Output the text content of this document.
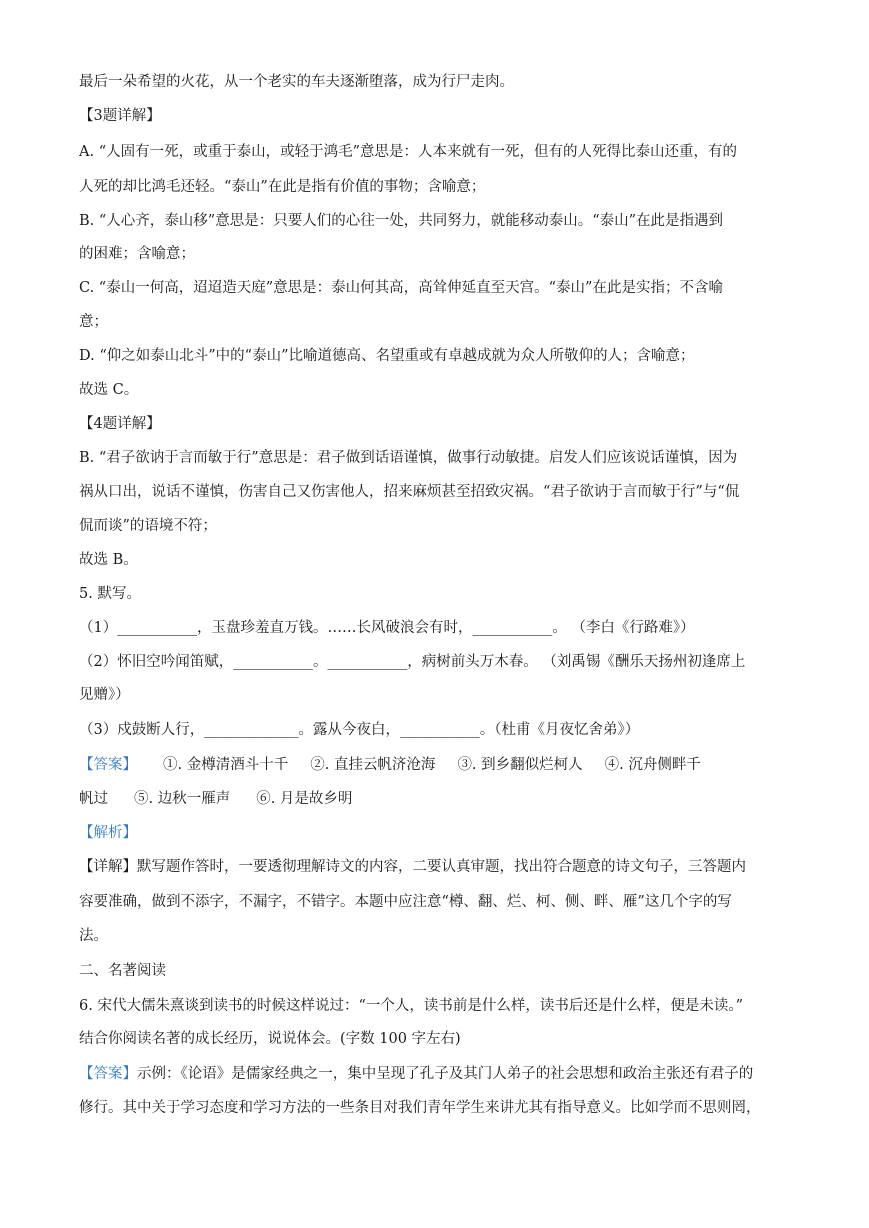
最后一朵希望的火花，从一个老实的车夫逐渐堕落，成为行尸走肉。
【3题详解】
A. “人固有一死，或重于泰山，或轻于鸿毛”意思是：人本来就有一死，但有的人死得比泰山还重，有的
人死的却比鸿毛还轻。“泰山”在此是指有价值的事物；含喻意；
B. “人心齐，泰山移”意思是：只要人们的心往一处，共同努力，就能移动泰山。“泰山”在此是指遇到
的困难；含喻意；
C. “泰山一何高，迢迢造天庭”意思是：泰山何其高，高耸伸延直至天宫。“泰山”在此是实指；不含喻
意；
D. “仰之如泰山北斗”中的“泰山”比喻道德高、名望重或有卓越成就为众人所敬仰的人；含喻意；
故选 C。
【4题详解】
B. “君子欲讷于言而敏于行”意思是：君子做到话语谨慎，做事行动敏捷。启发人们应该说话谨慎，因为
祸从口出，说话不谨慎，伤害自己又伤害他人，招来麻烦甚至招致灾祸。“君子欲讷于言而敏于行”与“侃
侃而谈”的语境不符；
故选 B。
5. 默写。
（1）___________，玉盘珍羞直万钱。……长风破浪会有时，___________。 （李白《行路难》）
（2）怀旧空吟闻笛赋，___________。___________，病树前头万木春。 （刘禹锡《酬乐天扬州初逢席上
见赠》）
（3）戍鼓断人行，_____________。露从今夜白，___________。（杜甫《月夜忆舍弟》）
【答案】 ①. 金樽清酒斗十千 ②. 直挂云帆济沧海 ③. 到乡翻似烂柯人 ④. 沉舟侧畔千
帆过 ⑤. 边秋一雁声 ⑥. 月是故乡明
【解析】
【详解】默写题作答时，一要透彻理解诗文的内容，二要认真审题，找出符合题意的诗文句子，三答题内
容要准确，做到不添字，不漏字，不错字。本题中应注意“樽、翻、烂、柯、侧、畔、雁”这几个字的写
法。
二、名著阅读
6. 宋代大儒朱熹谈到读书的时候这样说过：“一个人，读书前是什么样，读书后还是什么样，便是未读。”
结合你阅读名著的成长经历，说说体会。(字数 100 字左右)
【答案】示例：《论语》是儒家经典之一，集中呈现了孔子及其门人弟子的社会思想和政治主张还有君子的
修行。其中关于学习态度和学习方法的一些条目对我们青年学生来讲尤其有指导意义。比如学而不思则罔，
